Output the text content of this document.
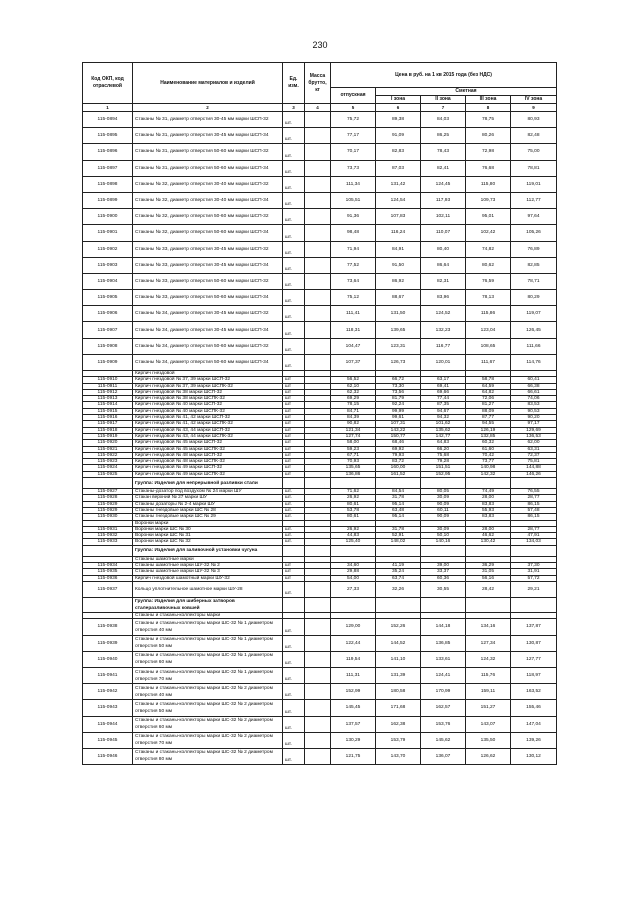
230
Код ОКП, код отраслевой	Наименование материалов и изделий	Ед. изм.	Масса брутто, кг	Цена в руб. на 1 кв 2015 года (без НДС)				
				отпускная	Сметная			
					I зона	II зона	III зона	IV зона
1	2	3	4	5	6	7	8	9
115-0894	Стаканы № 31, диаметр отверстия 30-45 мм марки ШСП-32	шт.		75,72	89,38	84,03	78,75	80,93
115-0895	Стаканы № 31, диаметр отверстия 30-45 мм марки ШСП-34	шт.		77,17	91,09	86,25	80,26	82,48
115-0896	Стаканы № 31, диаметр отверстия 50-60 мм марки ШСП-32	шт.		70,17	82,83	78,43	72,98	75,00
115-0897	Стаканы № 31, диаметр отверстия 50-60 мм марки ШСП-34	шт.		73,73	87,03	82,41	76,68	78,81
115-0898	Стаканы № 32, диаметр отверстия 30-40 мм марки ШСП-32	шт.		111,34	131,42	124,45	115,80	119,01
115-0899	Стаканы № 32, диаметр отверстия 30-40 мм марки ШСП-34	шт.		105,51	124,54	117,93	109,73	112,77
115-0900	Стаканы № 32, диаметр отверстия 50-60 мм марки ШСП-32	шт.		91,36	107,83	102,11	95,01	97,64
115-0901	Стаканы № 32, диаметр отверстия 50-60 мм марки ШСП-34	шт.		98,48	116,24	110,07	102,42	105,26
115-0902	Стаканы № 33, диаметр отверстия 30-45 мм марки ШСП-32	шт.		71,94	84,91	80,40	74,82	76,89
115-0903	Стаканы № 33, диаметр отверстия 30-45 мм марки ШСП-34	шт.		77,52	91,50	86,64	80,62	82,85
115-0904	Стаканы № 33, диаметр отверстия 50-60 мм марки ШСП-32	шт.		73,64	86,92	82,31	76,59	78,71
115-0905	Стаканы № 33, диаметр отверстия 50-60 мм марки ШСП-34	шт.		75,12	88,67	83,96	78,13	80,29
115-0906	Стаканы № 34, диаметр отверстия 30-45 мм марки ШСП-32	шт.		111,41	131,50	124,52	115,86	119,07
115-0907	Стаканы № 34, диаметр отверстия 30-45 мм марки ШСП-34	шт.		118,31	139,65	132,23	123,04	126,45
115-0908	Стаканы № 34, диаметр отверстия 50-60 мм марки ШСП-32	шт.		104,47	123,31	116,77	108,65	111,66
115-0909	Стаканы № 34, диаметр отверстия 50-60 мм марки ШСП-34	шт.		107,37	126,73	120,01	111,67	114,76
	Кирпич гнездовой							
115-0910	Кирпич гнездовой № 37, 39 марки ШСП-32	шт		56,52	66,72	63,17	58,78	60,41
115-0911	Кирпич гнездовой № 37, 39 марки ШСПК-32	шт		62,10	73,30	69,41	64,59	66,38
115-0912	Кирпич гнездовой № 38 марки ШСП-32	шт		62,32	73,56	69,66	64,82	66,61
115-0913	Кирпич гнездовой № 38 марки ШСПК-32	шт		69,29	81,79	77,44	72,06	74,06
115-0914	Кирпич гнездовой № 40 марки ШСП-32	шт		78,15	92,24	87,35	81,27	83,53
115-0915	Кирпич гнездовой № 40 марки ШСПК-32	шт		84,71	99,99	94,67	88,09	90,53
115-0916	Кирпич гнездовой № 41, 42 марки ШСП-32	шт		84,39	99,61	94,32	87,77	90,20
115-0917	Кирпич гнездовой № 41, 42 марки ШСПК-32	шт		90,82	107,31	101,62	94,55	97,17
115-0918	Кирпич гнездовой № 43, 44 марки ШСП-32	шт		121,34	143,22	135,62	126,19	129,69
115-0919	Кирпич гнездовой № 43, 44 марки ШСПК-32	шт		127,74	150,77	142,77	132,85	136,53
115-0920	Кирпич гнездовой № 45 марки ШСП-32	шт		58,00	68,46	64,83	60,32	62,00
115-0921	Кирпич гнездовой № 45 марки ШСПК-32	шт		59,23	69,92	66,20	61,60	63,31
115-0922	Кирпич гнездовой № 48 марки ШСП-32	шт		67,71	79,93	75,68	70,42	72,37
115-0923	Кирпич гнездовой № 48 марки ШСПК-32	шт		70,93	83,72	79,28	73,77	75,81
115-0924	Кирпич гнездовой № 49 марки ШСП-32	шт		135,65	160,00	151,51	140,98	144,88
115-0925	Кирпич гнездовой № 49 марки ШСПК-32	шт		136,86	161,52	152,95	142,32	146,26
	Группа: Изделия для непрерывной разливки стали							
115-0927	Стаканы-дозатор под воздухом № 24 марки ШУ	шт.		71,62	84,54	80,05	74,49	76,55
115-0928	Стакан верхний № 27 марки ШУ	шт.		26,92	31,78	30,09	28,00	28,77
115-0929	Стаканы дозаторы № 2-4 марки ШУ	шт.		80,61	95,14	90,09	83,83	86,15
115-0929	Стаканы гнездовые марки ШС № 28	шт.		53,78	63,48	60,11	55,93	57,48
115-0930	Стаканы гнездовые марки ШС № 29	шт.		80,61	95,14	90,09	83,83	86,15
	Воронки марки							
115-0931	Воронки марки ШС № 30	шт.		26,92	31,78	30,09	28,00	28,77
115-0932	Воронки марки ШС № 31	шт.		44,83	52,91	50,10	46,62	47,91
115-0933	Воронки марки ШС № 32	шт.		125,40	148,02	140,16	130,42	134,03
	Группа: Изделия для заливочной установки чугуна							
	Стаканы шамотные марки							
115-0934	Стаканы шамотные марки ШУ-32 № 2	шт		34,60	41,19	39,00	36,29	37,30
115-0935	Стаканы шамотные марки ШУ-32 № 3	шт		29,88	35,24	33,37	31,05	31,91
115-0936	Кирпич гнездовой шамотный марки ШУ-32	шт		54,00	63,74	60,36	56,16	57,72
115-0937	Кольцо уплотнительное шамотное марки ШУ-28	шт.		27,33	32,26	30,55	28,42	29,21
	Группа: Изделия для шиберных затворов сталеразливочных ковшей							
	Стаканы и стаканы-коллекторы марки							
115-0938	Стаканы и стаканы-коллекторы марки ШС-32 № 1 диаметром отверстия 40 мм	шт.		129,00	152,26	144,18	134,16	137,87
115-0939	Стаканы и стаканы-коллекторы марки ШС-32 № 1 диаметром отверстия 50 мм	шт.		122,44	144,52	136,85	127,34	130,87
115-0940	Стаканы и стаканы-коллекторы марки ШС-32 № 1 диаметром отверстия 60 мм	шт.		119,54	141,10	133,61	124,32	127,77
115-0941	Стаканы и стаканы-коллекторы марки ШС-32 № 1 диаметром отверстия 70 мм	шт.		111,31	131,39	124,41	115,76	118,97
115-0942	Стаканы и стаканы-коллекторы марки ШС-32 № 2 диаметром отверстия 40 мм	шт.		152,99	180,58	170,99	159,11	163,52
115-0943	Стаканы и стаканы-коллекторы марки ШС-32 № 2 диаметром отверстия 50 мм	шт.		145,45	171,68	162,57	151,27	155,46
115-0944	Стаканы и стаканы-коллекторы марки ШС-32 № 2 диаметром отверстия 60 мм	шт.		137,57	162,38	153,76	143,07	147,04
115-0945	Стаканы и стаканы-коллекторы марки ШС-32 № 2 диаметром отверстия 70 мм	шт.		130,29	153,79	145,62	135,50	139,26
115-0946	Стаканы и стаканы-коллекторы марки ШС-32 № 2 диаметром отверстия 80 мм	шт.		121,75	143,70	136,07	126,62	130,12
